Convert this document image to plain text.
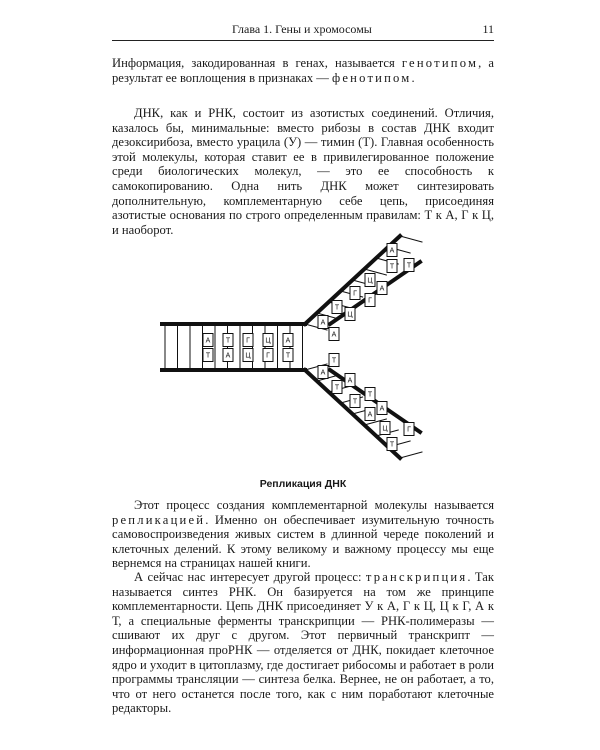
Глава 1. Гены и хромосомы	11
Информация, закодированная в генах, называется генотипом, а результат ее воплощения в признаках — фенотипом.
ДНК, как и РНК, состоит из азотистых соединений. Отличия, казалось бы, минимальные: вместо рибозы в состав ДНК входит дезоксирибоза, вместо урацила (У) — тимин (Т). Главная особенность этой молекулы, которая ставит ее в привилегированное положение среди биологических молекул, — это ее способность к самокопированию. Одна нить ДНК может синтезировать дополнительную, комплементарную себе цепь, присоединяя азотистые основания по строго определенным правилам: Т к А, Г к Ц, и наоборот.
А Т Г Ц А
Т А Ц Г Т
А
Т
Ц
Г
Т
А
Т
А
Г
Ц
А
Т
А
Т
А
Г
А
Т
Т
А
Ц
Т
Репликация ДНК
Этот процесс создания комплементарной молекулы называется репликацией. Именно он обеспечивает изумительную точность самовоспроизведения живых систем в длинной череде поколений и клеточных делений. К этому великому и важному процессу мы еще вернемся на страницах нашей книги.
А сейчас нас интересует другой процесс: транскрипция. Так называется синтез РНК. Он базируется на том же принципе комплементарности. Цепь ДНК присоединяет У к А, Г к Ц, Ц к Г, А к Т, а специальные ферменты транскрипции — РНК-полимеразы — сшивают их друг с другом. Этот первичный транскрипт — информационная проРНК — отделяется от ДНК, покидает клеточное ядро и уходит в цитоплазму, где достигает рибосомы и работает в роли программы трансляции — синтеза белка. Вернее, не он работает, а то, что от него останется после того, как с ним поработают клеточные редакторы.
